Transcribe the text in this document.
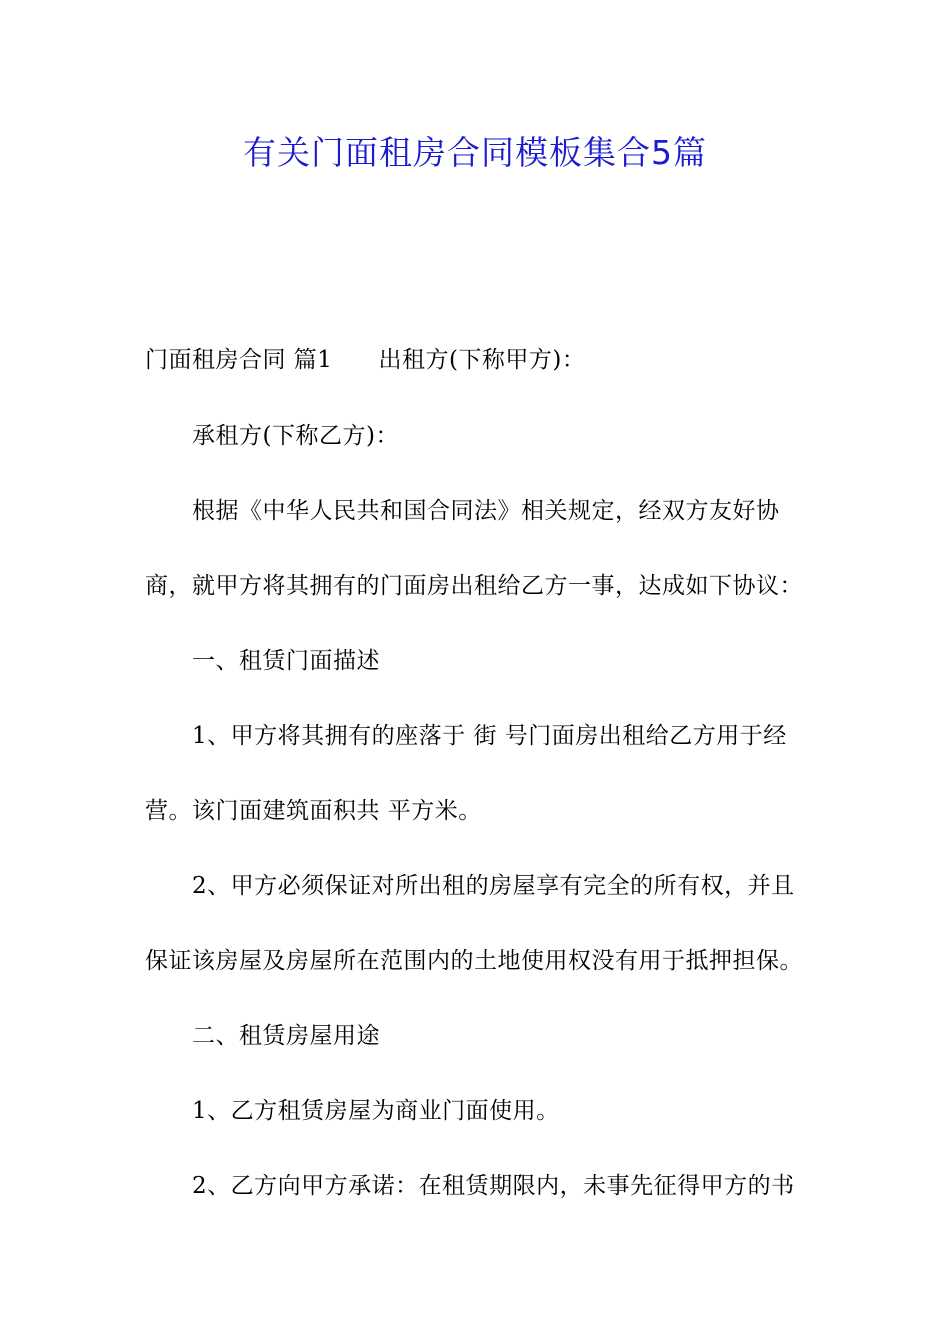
有关门面租房合同模板集合5篇
门面租房合同 篇1 出租方(下称甲方)：
承租方(下称乙方)：
根据《中华人民共和国合同法》相关规定，经双方友好协
商，就甲方将其拥有的门面房出租给乙方一事，达成如下协议：
一、租赁门面描述
1、甲方将其拥有的座落于 街 号门面房出租给乙方用于经
营。该门面建筑面积共 平方米。
2、甲方必须保证对所出租的房屋享有完全的所有权，并且
保证该房屋及房屋所在范围内的土地使用权没有用于抵押担保。
二、租赁房屋用途
1、乙方租赁房屋为商业门面使用。
2、乙方向甲方承诺：在租赁期限内，未事先征得甲方的书
